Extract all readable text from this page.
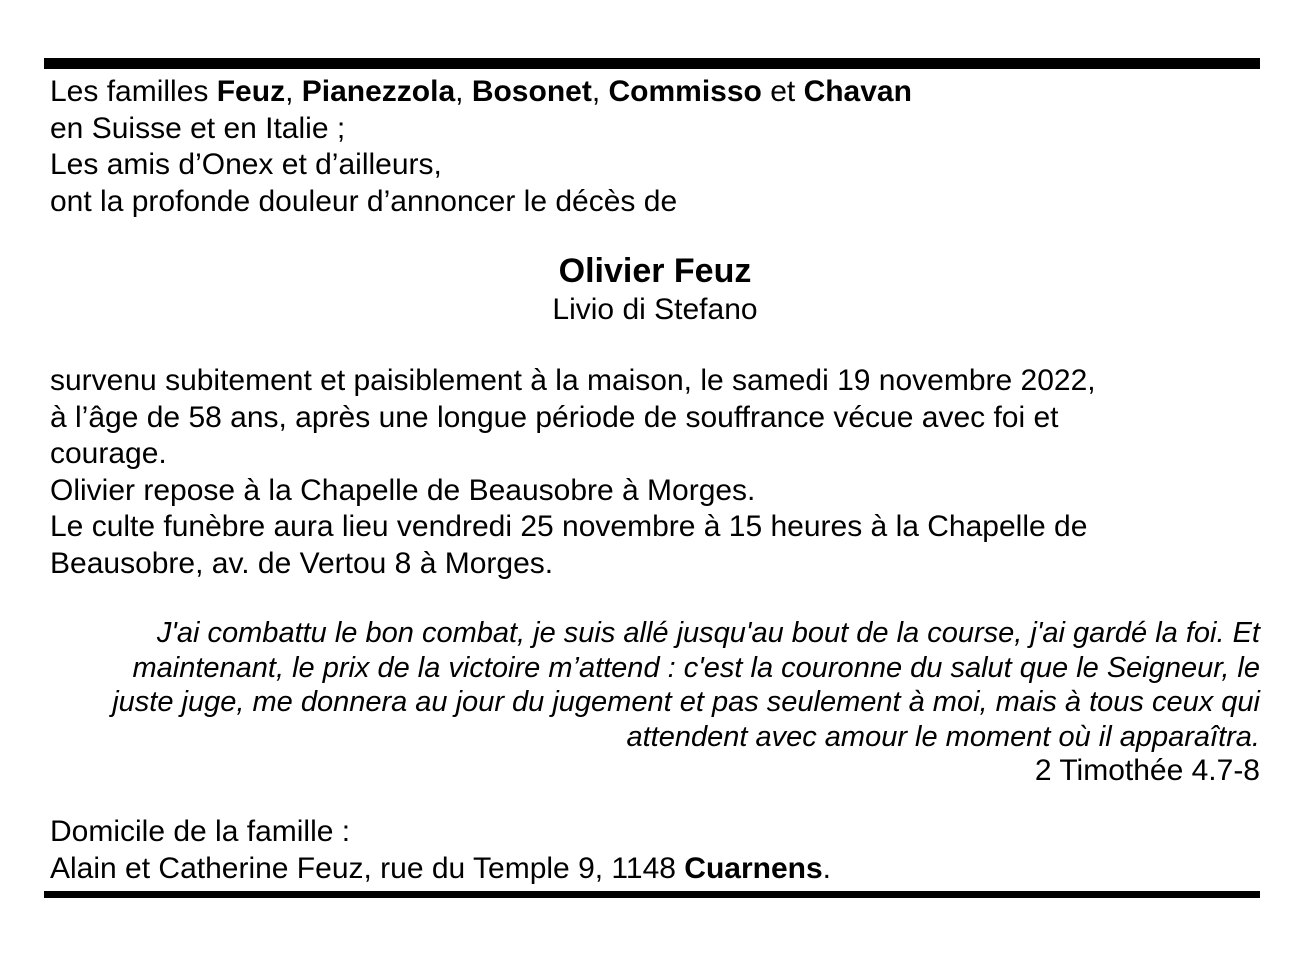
Les familles Feuz, Pianezzola, Bosonet, Commisso et Chavan
en Suisse et en Italie ;
Les amis d’Onex et d’ailleurs,
ont la profonde douleur d’annoncer le décès de
Olivier Feuz
Livio di Stefano
survenu subitement et paisiblement à la maison, le samedi 19 novembre 2022,
à l’âge de 58 ans, après une longue période de souffrance vécue avec foi et
courage.
Olivier repose à la Chapelle de Beausobre à Morges.
Le culte funèbre aura lieu vendredi 25 novembre à 15 heures à la Chapelle de
Beausobre, av. de Vertou 8 à Morges.
J'ai combattu le bon combat, je suis allé jusqu'au bout de la course, j'ai gardé la foi. Et
maintenant, le prix de la victoire m’attend : c'est la couronne du salut que le Seigneur, le
juste juge, me donnera au jour du jugement et pas seulement à moi, mais à tous ceux qui
attendent avec amour le moment où il apparaîtra.
2 Timothée 4.7-8
Domicile de la famille :
Alain et Catherine Feuz, rue du Temple 9, 1148 Cuarnens.
